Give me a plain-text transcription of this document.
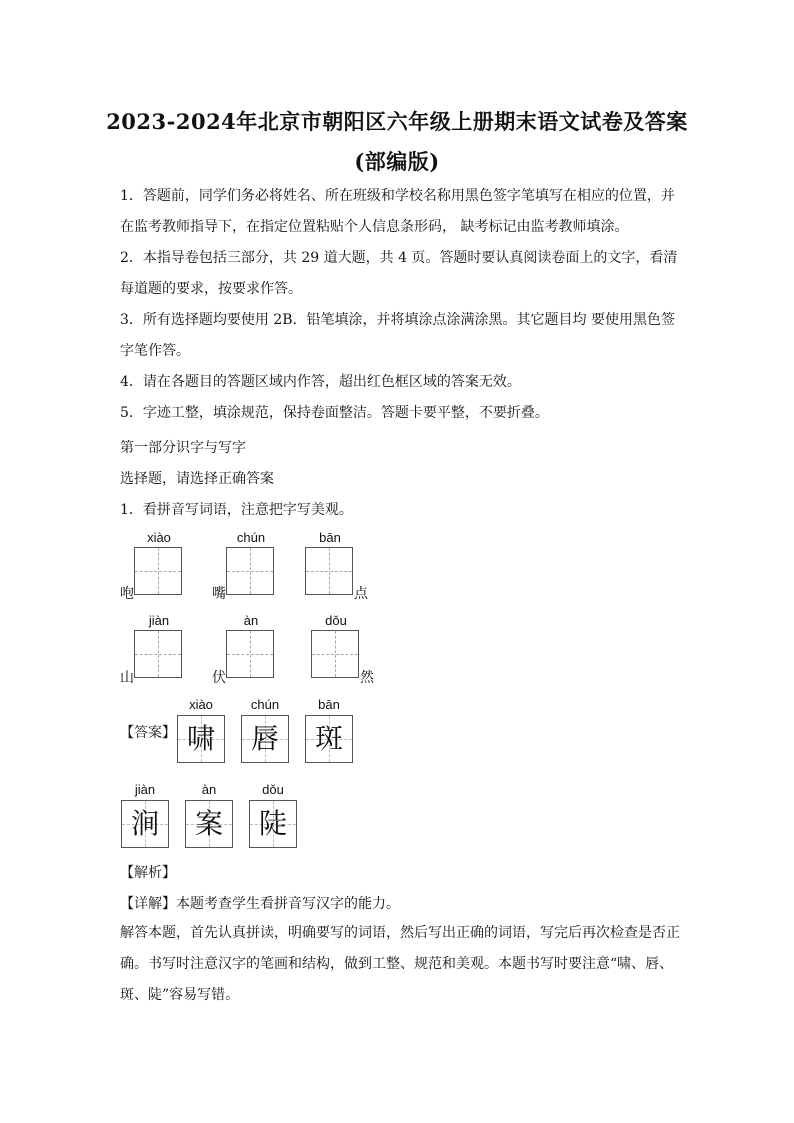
2023-2024年北京市朝阳区六年级上册期末语文试卷及答案
(部编版)

1．答题前，同学们务必将姓名、所在班级和学校名称用黑色签字笔填写在相应的位置，并在监考教师指导下，在指定位置粘贴个人信息条形码， 缺考标记由监考教师填涂。

2．本指导卷包括三部分，共 29 道大题，共 4 页。答题时要认真阅读卷面上的文字，看清每道题的要求，按要求作答。

3．所有选择题均要使用 2B．铅笔填涂，并将填涂点涂满涂黑。其它题目均 要使用黑色签字笔作答。

4．请在各题目的答题区域内作答，超出红色框区域的答案无效。

5．字迹工整，填涂规范，保持卷面整洁。答题卡要平整，不要折叠。

第一部分识字与写字
选择题，请选择正确答案
1．看拼音写词语，注意把字写美观。
xiào	chún	bān
咆	嘴	点
jiàn	àn	dǒu
山	伏	然
【答案】
xiào	chún	bān
啸	唇	斑
jiàn	àn	dǒu
涧	案	陡
【解析】
【详解】本题考查学生看拼音写汉字的能力。

解答本题，首先认真拼读，明确要写的词语，然后写出正确的词语，写完后再次检查是否正确。书写时注意汉字的笔画和结构，做到工整、规范和美观。本题书写时要注意“啸、唇、斑、陡”容易写错。
